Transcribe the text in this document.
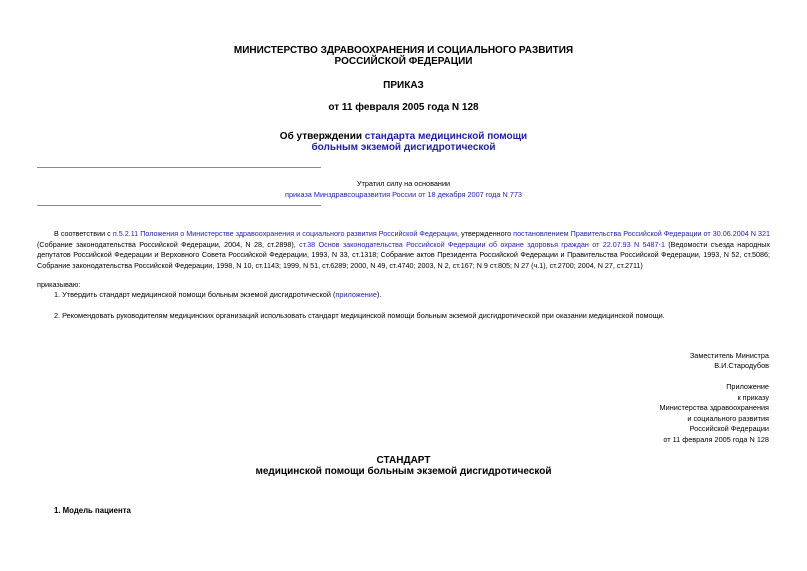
МИНИСТЕРСТВО ЗДРАВООХРАНЕНИЯ И СОЦИАЛЬНОГО РАЗВИТИЯ
РОССИЙСКОЙ ФЕДЕРАЦИИ
ПРИКАЗ
от 11 февраля 2005 года N 128
Об утверждении стандарта медицинской помощи
больным экземой дисгидротической
Утратил силу на основании
приказа Минздравсоцразвития России от 18 декабря 2007 года N 773
В соответствии с п.5.2.11 Положения о Министерстве здравоохранения и социального развития Российской Федерации, утвержденного постановлением Правительства Российской Федерации от 30.06.2004 N 321 (Собрание законодательства Российской Федерации, 2004, N 28, ст.2898), ст.38 Основ законодательства Российской Федерации об охране здоровья граждан от 22.07.93 N 5487-1 (Ведомости съезда народных депутатов Российской Федерации и Верховного Совета Российской Федерации, 1993, N 33, ст.1318; Собрание актов Президента Российской Федерации и Правительства Российской Федерации, 1993, N 52, ст.5086; Собрание законодательства Российской Федерации, 1998, N 10, ст.1143; 1999, N 51, ст.6289; 2000, N 49, ст.4740; 2003, N 2, ст.167; N 9 ст.805; N 27 (ч.1), ст.2700; 2004, N 27, ст.2711)
приказываю:
1. Утвердить стандарт медицинской помощи больным экземой дисгидротической (приложение).
2. Рекомендовать руководителям медицинских организаций использовать стандарт медицинской помощи больным экземой дисгидротической при оказании медицинской помощи.
Заместитель Министра
В.И.Стародубов
Приложение
к приказу
Министерства здравоохранения
и социального развития
Российской Федерации
от 11 февраля 2005 года N 128
СТАНДАРТ
медицинской помощи больным экземой дисгидротической
1. Модель пациента
